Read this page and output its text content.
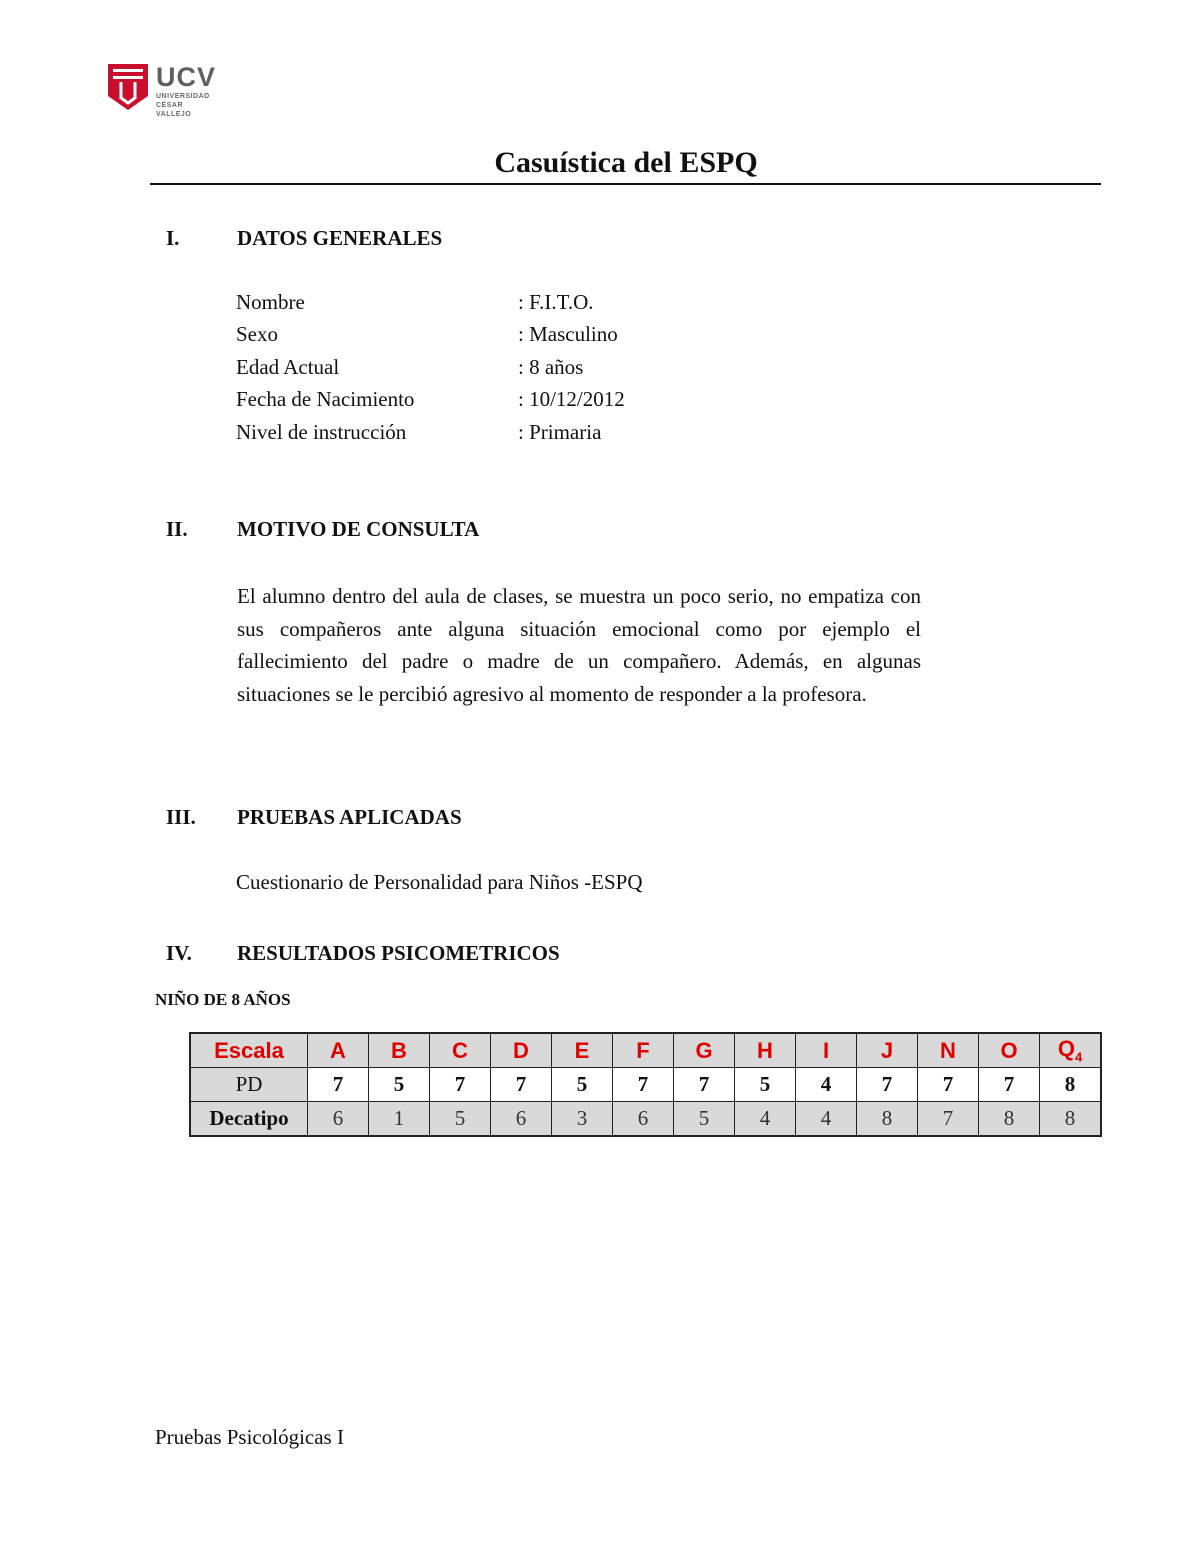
UCV
UNIVERSIDAD
CÉSAR VALLEJO
Casuística del ESPQ
I.	DATOS GENERALES
Nombre	: F.I.T.O.
Sexo	: Masculino
Edad Actual	: 8 años
Fecha de Nacimiento	: 10/12/2012
Nivel de instrucción	: Primaria
II. MOTIVO DE CONSULTA

El alumno dentro del aula de clases, se muestra un poco serio, no empatiza con sus compañeros ante alguna situación emocional como por ejemplo el fallecimiento del padre o madre de un compañero. Además, en algunas situaciones se le percibió agresivo al momento de responder a la profesora.

III. PRUEBAS APLICADAS
Cuestionario de Personalidad para Niños -ESPQ
IV. RESULTADOS PSICOMETRICOS
NIÑO DE 8 AÑOS
Escala	A	B	C	D	E	F	G	H	I	J	N	O	$Q_4$
PD	7	5	7	7	5	7	7	5	4	7	7	7	8
Decatipo	6	1	5	6	3	6	5	4	4	8	7	8	8
Pruebas Psicológicas I
